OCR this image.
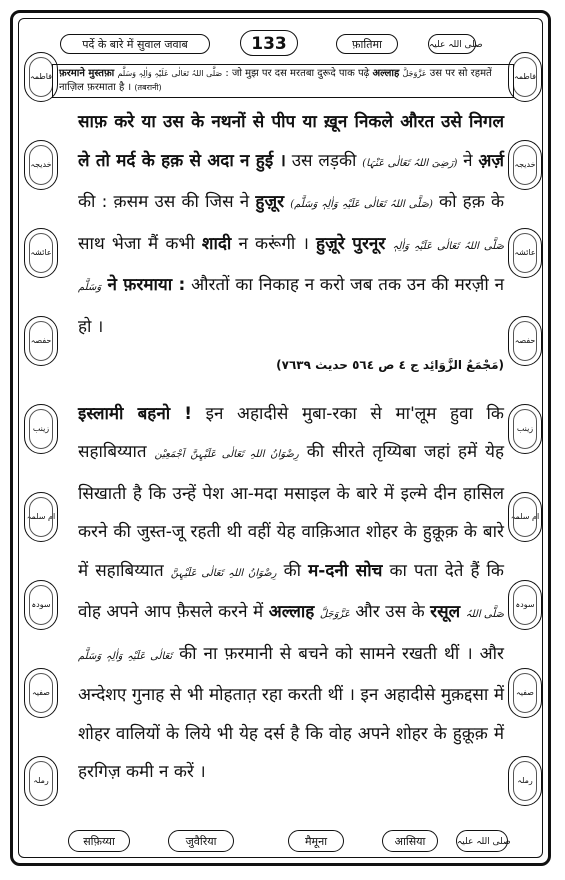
पर्दे के बारे में सुवाल जवाब	133	फ़ातिमा	صلی اللہ علیہ
فاطمہ
خدیجہ
عائشہ
حفصہ
زینب
ام سلمہ
سودہ
صفیہ
رملہ
فاطمہ
خدیجہ
عائشہ
حفصہ
زینب
ام سلمہ
سودہ
صفیہ
رملہ
फ़रमाने मुस्तफ़ा صَلَّی اللہُ تَعَالٰی عَلَیْہِ وَاٰلِہٖ وَسَلَّم : जो मुझ पर दस मरतबा दुरूदे पाक पढ़े अल्लाह عَزَّوَجَلَّ उस पर सो रहमतें नाज़िल फ़रमाता है । (तबरानी)

साफ़ करे या उस के नथनों से पीप या ख़ून निकले औरत उसे निगल ले तो मर्द के हक़ से अदा न हुई । उस लड़की (رَضِیَ اللہُ تَعَالٰی عَنْہَا) ने अ़र्ज़ की : क़सम उस की जिस ने हुज़ूर (صَلَّی اللہُ تَعَالٰی عَلَیْہِ وَاٰلِہٖ وَسَلَّم) को हक़ के साथ भेजा मैं कभी शादी न करूंगी । हुज़ूरे पुरनूर صَلَّی اللہُ تَعَالٰی عَلَیْہِ وَاٰلِہٖ وَسَلَّم ने फ़रमाया : औरतों का निकाह न करो जब तक उन की मरज़ी न हो ।

(مَجْمَعُ الزَّوَائِد ج ٤ ص ٥٦٤ حدیث ٧٦٣٩)

इस्लामी बहनो ! इन अहादीसे मुबा-रका से मा'लूम हुवा कि सहाबिय्यात رِضْوَانُ اللہِ تَعَالٰی عَلَیْہِنَّ اَجْمَعِیْن की सीरते तृय्यिबा जहां हमें येह सिखाती है कि उन्हें पेश आ-मदा मसाइल के बारे में इल्मे दीन हासिल करने की जुस्त-जू रहती थी वहीं येह वाक़िआत शोहर के हुक़ूक़ के बारे में सहाबिय्यात رِضْوَانُ اللہِ تَعَالٰی عَلَیْہِنَّ की म-दनी सोच का पता देते हैं कि वोह अपने आप फ़ैसले करने में अल्लाह عَزَّوَجَلَّ और उस के रसूल صَلَّی اللہُ تَعَالٰی عَلَیْہِ وَاٰلِہٖ وَسَلَّم की ना फ़रमानी से बचने को सामने रखती थीं । और अन्देशए गुनाह से भी मोहतात़ रहा करती थीं । इन अहादीसे मुक़द्दसा में शोहर वालियों के लिये भी येह दर्स है कि वोह अपने शोहर के हुक़ूक़ में हरगिज़ कमी न करें ।

सफ़िय्या	जुवैरिया	मैमूना	आसिया	صلی اللہ علیہ
